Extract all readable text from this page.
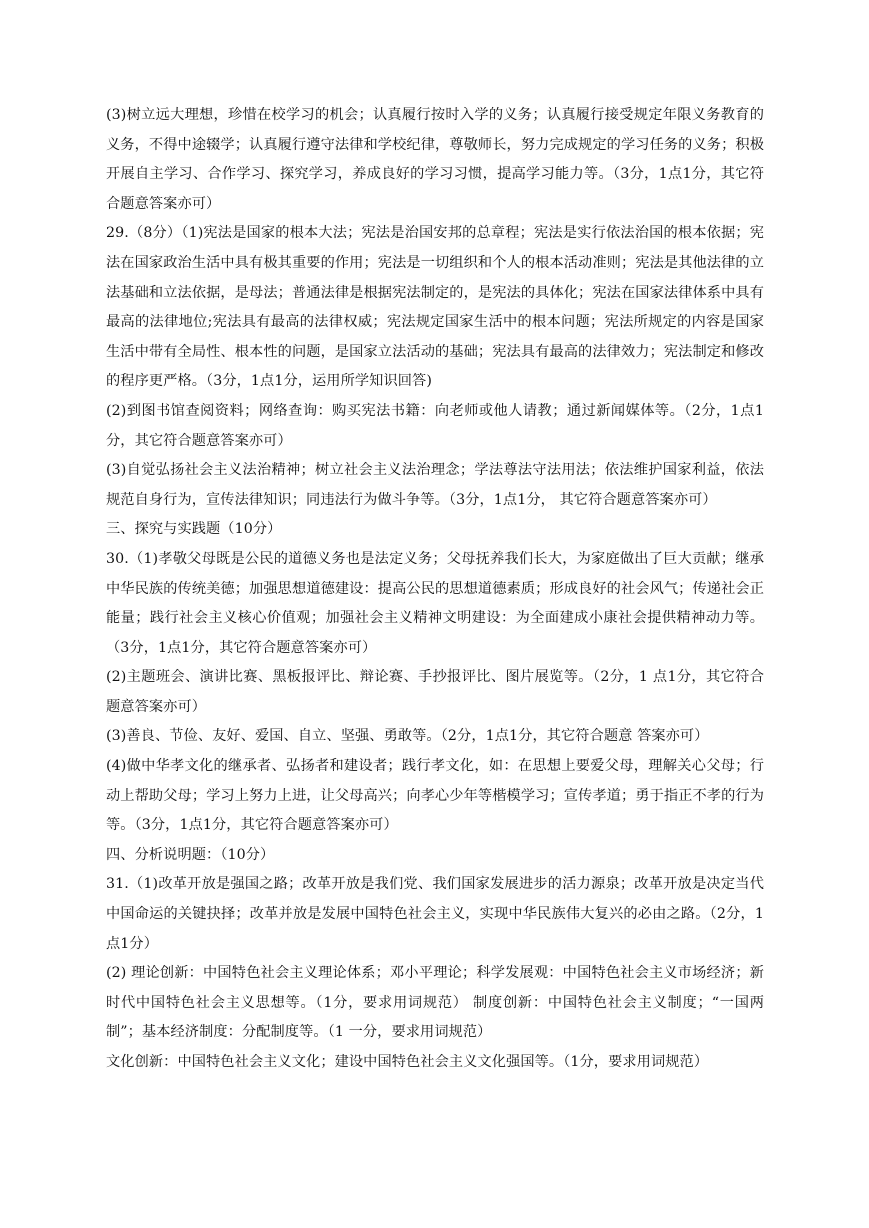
(3)树立远大理想，珍惜在校学习的机会；认真履行按时入学的义务；认真履行接受规定年限义务教育的义务，不得中途辍学；认真履行遵守法律和学校纪律，尊敬师长，努力完成规定的学习任务的义务；积极开展自主学习、合作学习、探究学习，养成良好的学习习惯，提高学习能力等。（3分，1点1分，其它符合题意答案亦可）

29.（8分）（1)宪法是国家的根本大法；宪法是治国安邦的总章程；宪法是实行依法治国的根本依据；宪法在国家政治生活中具有极其重要的作用；宪法是一切组织和个人的根本活动准则；宪法是其他法律的立法基础和立法依据，是母法；普通法律是根据宪法制定的，是宪法的具体化；宪法在国家法律体系中具有最高的法律地位;宪法具有最高的法律权威；宪法规定国家生活中的根本问题；宪法所规定的内容是国家生活中带有全局性、根本性的问题，是国家立法活动的基础；宪法具有最高的法律效力；宪法制定和修改的程序更严格。（3分，1点1分，运用所学知识回答)

(2)到图书馆查阅资料；网络查询：购买宪法书籍：向老师或他人请教；通过新闻媒体等。（2分，1点1分，其它符合题意答案亦可）

(3)自觉弘扬社会主义法治精神；树立社会主义法治理念；学法尊法守法用法；依法维护国家利益，依法规范自身行为，宣传法律知识；同违法行为做斗争等。（3分，1点1分， 其它符合题意答案亦可）

三、探究与实践题（10分）

30.（1)孝敬父母既是公民的道德义务也是法定义务；父母抚养我们长大，为家庭做出了巨大贡献；继承中华民族的传统美德；加强思想道德建设：提高公民的思想道德素质；形成良好的社会风气；传递社会正能量；践行社会主义核心价值观；加强社会主义精神文明建设：为全面建成小康社会提供精神动力等。（3分，1点1分，其它符合题意答案亦可）

(2)主题班会、演讲比赛、黑板报评比、辩论赛、手抄报评比、图片展览等。（2分，1 点1分，其它符合题意答案亦可）

(3)善良、节俭、友好、爱国、自立、坚强、勇敢等。（2分，1点1分，其它符合题意 答案亦可）

(4)做中华孝文化的继承者、弘扬者和建设者；践行孝文化，如：在思想上要爱父母，理解关心父母；行动上帮助父母；学习上努力上进，让父母高兴；向孝心少年等楷模学习；宣传孝道；勇于指正不孝的行为等。（3分，1点1分，其它符合题意答案亦可）

四、分析说明题：（10分）

31.（1)改革开放是强国之路；改革开放是我们党、我们国家发展进步的活力源泉；改革开放是决定当代中国命运的关键抉择；改革并放是发展中国特色社会主义，实现中华民族伟大复兴的必由之路。（2分，1点1分）

(2) 理论创新：中国特色社会主义理论体系；邓小平理论；科学发展观：中国特色社会主义市场经济；新时代中国特色社会主义思想等。（1分，要求用词规范） 制度创新：中国特色社会主义制度；“一国两制”；基本经济制度：分配制度等。（1 一分，要求用词规范）

文化创新：中国特色社会主义文化；建设中国特色社会主义文化强国等。（1分，要求用词规范）
